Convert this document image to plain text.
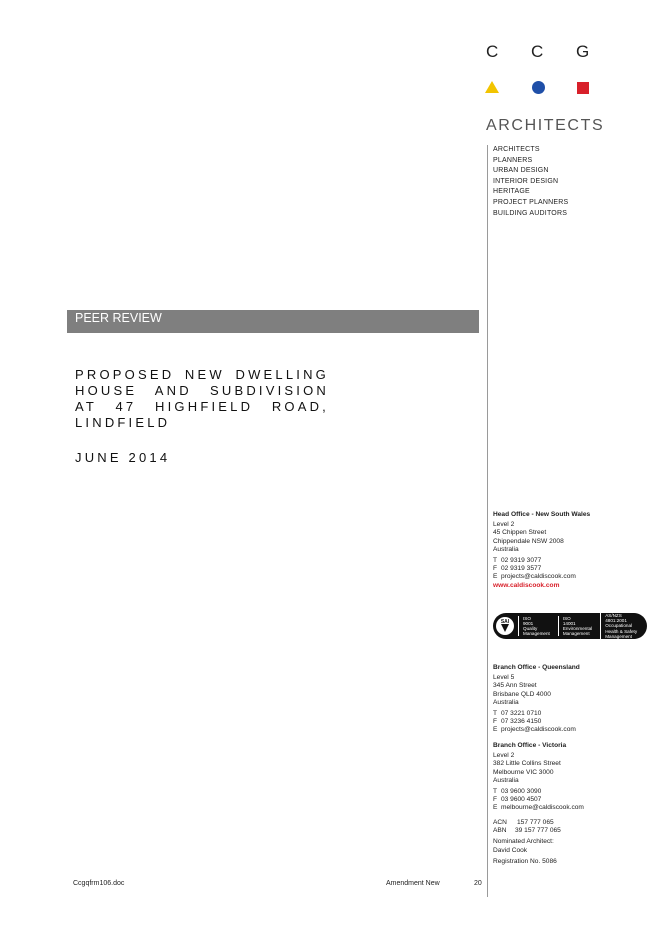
C C G
ARCHITECTS
ARCHITECTS
PLANNERS
URBAN DESIGN
INTERIOR DESIGN
HERITAGE
PROJECT PLANNERS
BUILDING AUDITORS
PEER REVIEW
PROPOSED NEW DWELLING HOUSE AND SUBDIVISION AT 47 HIGHFIELD ROAD, LINDFIELD
JUNE 2014
Head Office - New South Wales
Level 2
45 Chippen Street
Chippendale NSW 2008
Australia
T 02 9319 3077
F 02 9319 3577
E projects@caldiscook.com
www.caldiscook.com
SAI
ISO
9001
Quality
Management
ISO
14001
Environmental
Management
AS/NZS
4801:2001
Occupational
Health & Safety
Management
Branch Office - Queensland
Level 5
345 Ann Street
Brisbane QLD 4000
Australia
T 07 3221 0710
F 07 3236 4150
E projects@caldiscook.com
Branch Office - Victoria
Level 2
382 Little Collins Street
Melbourne VIC 3000
Australia
T 03 9600 3090
F 03 9600 4507
E melbourne@caldiscook.com
ACN	157 777 065
ABN	39 157 777 065
Nominated Architect:
David Cook
Registration No. 5086
Ccgqfrm106.doc	Amendment New	20
